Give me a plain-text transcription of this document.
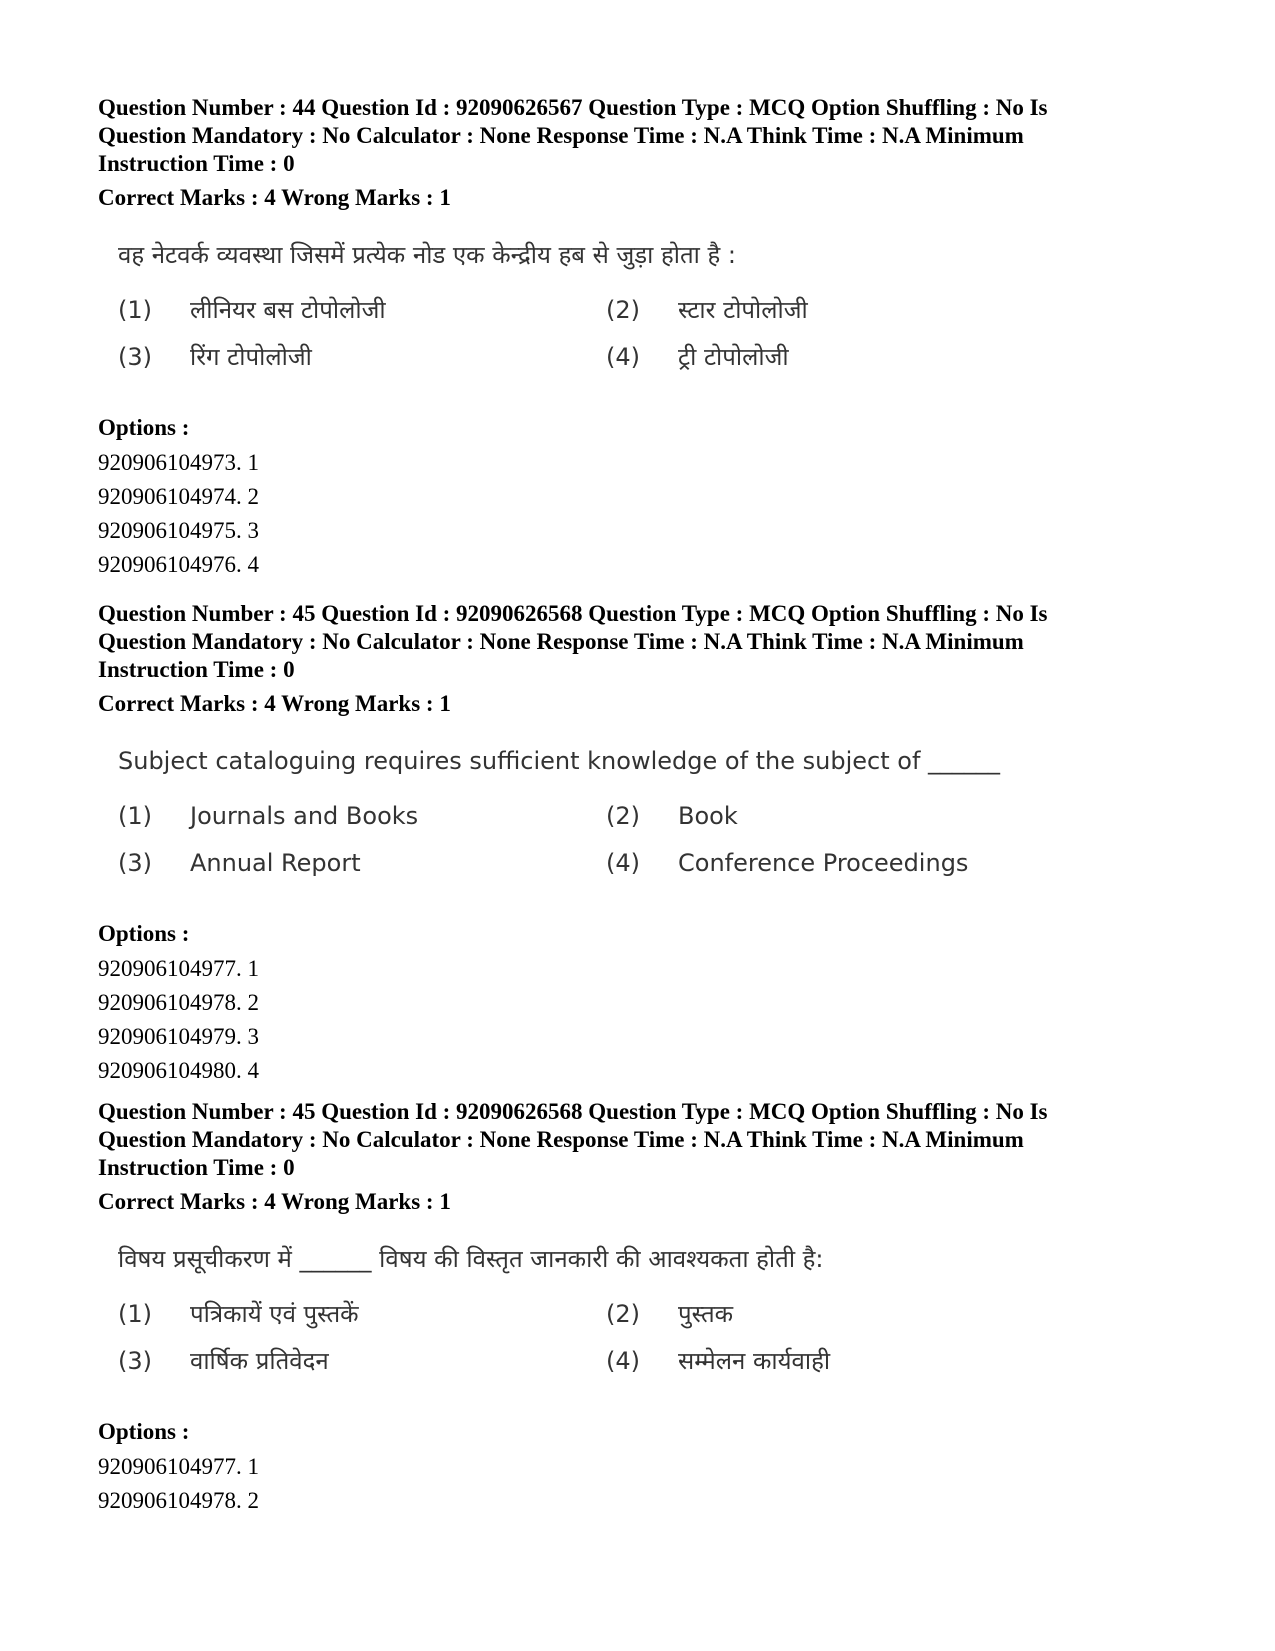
Question Number : 44 Question Id : 92090626567 Question Type : MCQ Option Shuffling : No Is
Question Mandatory : No Calculator : None Response Time : N.A Think Time : N.A Minimum
Instruction Time : 0
Correct Marks : 4 Wrong Marks : 1
वह नेटवर्क व्यवस्था जिसमें प्रत्येक नोड एक केन्द्रीय हब से जुड़ा होता है :
(1) लीनियर बस टोपोलोजी	(2) स्टार टोपोलोजी
(3) रिंग टोपोलोजी	(4) ट्री टोपोलोजी
Options :
920906104973. 1
920906104974. 2
920906104975. 3
920906104976. 4
Question Number : 45 Question Id : 92090626568 Question Type : MCQ Option Shuffling : No Is
Question Mandatory : No Calculator : None Response Time : N.A Think Time : N.A Minimum
Instruction Time : 0
Correct Marks : 4 Wrong Marks : 1
Subject cataloguing requires sufficient knowledge of the subject of ______
(1) Journals and Books	(2) Book
(3) Annual Report	(4) Conference Proceedings
Options :
920906104977. 1
920906104978. 2
920906104979. 3
920906104980. 4
Question Number : 45 Question Id : 92090626568 Question Type : MCQ Option Shuffling : No Is
Question Mandatory : No Calculator : None Response Time : N.A Think Time : N.A Minimum
Instruction Time : 0
Correct Marks : 4 Wrong Marks : 1
विषय प्रसूचीकरण में ______ विषय की विस्तृत जानकारी की आवश्यकता होती है:
(1) पत्रिकायें एवं पुस्तकें	(2) पुस्तक
(3) वार्षिक प्रतिवेदन	(4) सम्मेलन कार्यवाही
Options :
920906104977. 1
920906104978. 2
